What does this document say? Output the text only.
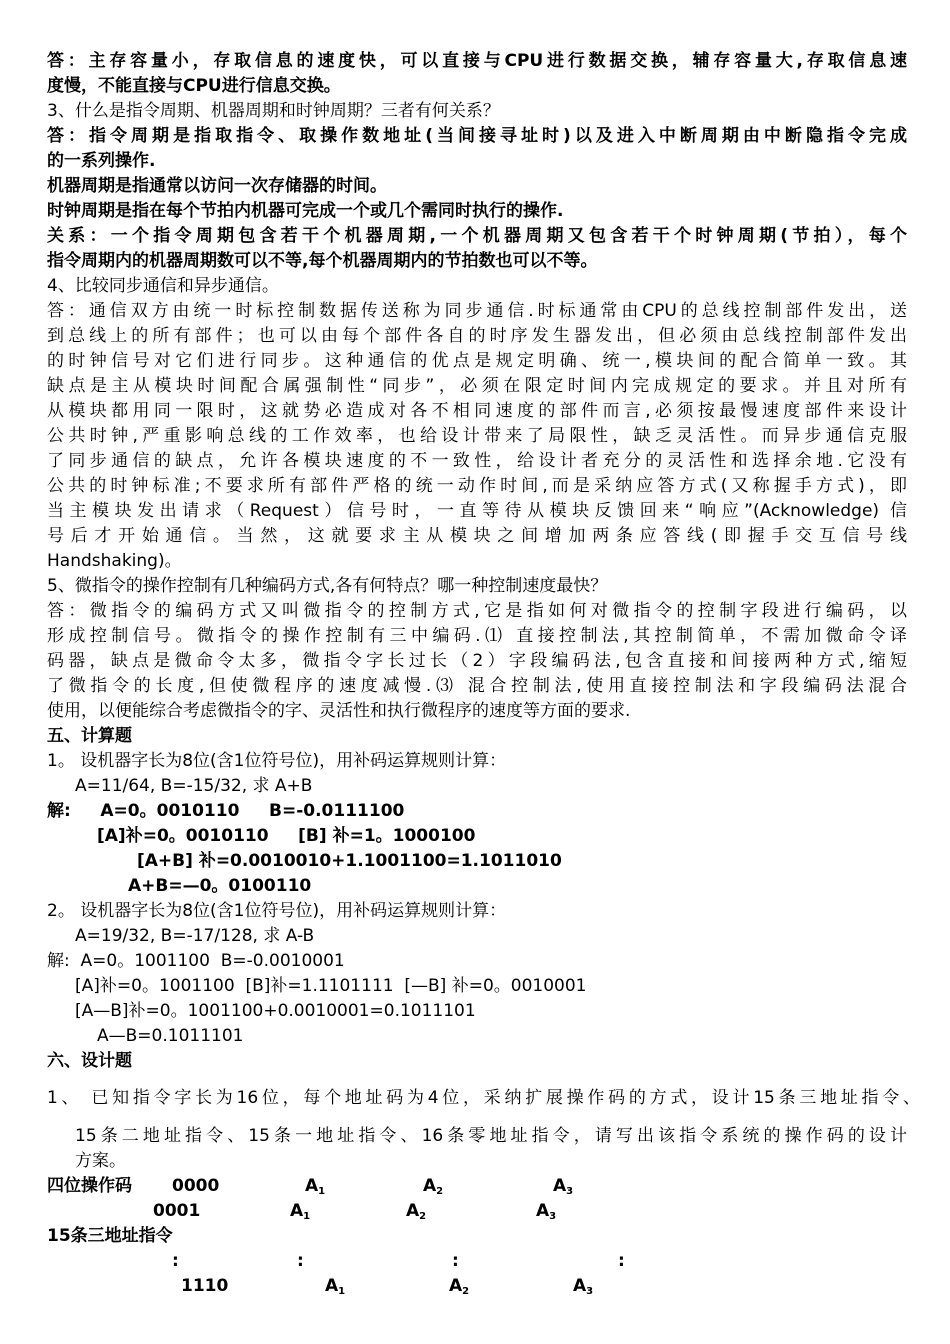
答：主存容量小，存取信息的速度快，可以直接与CPU进行数据交换，辅存容量大,存取信息速
度慢，不能直接与CPU进行信息交换。
3、什么是指令周期、机器周期和时钟周期？三者有何关系？
答：指令周期是指取指令、取操作数地址(当间接寻址时)以及进入中断周期由中断隐指令完成
的一系列操作.
机器周期是指通常以访问一次存储器的时间。
时钟周期是指在每个节拍内机器可完成一个或几个需同时执行的操作.
关系：一个指令周期包含若干个机器周期,一个机器周期又包含若干个时钟周期(节拍），每个
指令周期内的机器周期数可以不等,每个机器周期内的节拍数也可以不等。
4、比较同步通信和异步通信。
答：通信双方由统一时标控制数据传送称为同步通信.时标通常由CPU的总线控制部件发出，送
到总线上的所有部件；也可以由每个部件各自的时序发生器发出，但必须由总线控制部件发出
的时钟信号对它们进行同步。这种通信的优点是规定明确、统一,模块间的配合简单一致。其
缺点是主从模块时间配合属强制性“同步”，必须在限定时间内完成规定的要求。并且对所有
从模块都用同一限时，这就势必造成对各不相同速度的部件而言,必须按最慢速度部件来设计
公共时钟,严重影响总线的工作效率，也给设计带来了局限性，缺乏灵活性。而异步通信克服
了同步通信的缺点，允许各模块速度的不一致性，给设计者充分的灵活性和选择余地.它没有
公共的时钟标准;不要求所有部件严格的统一动作时间,而是采纳应答方式(又称握手方式)，即
当主模块发出请求（Request）信号时，一直等待从模块反馈回来“响应”(Acknowledge) 信
号后才开始通信。当然，这就要求主从模块之间增加两条应答线(即握手交互信号线
Handshaking)。
5、微指令的操作控制有几种编码方式,各有何特点？哪一种控制速度最快？
答：微指令的编码方式又叫微指令的控制方式,它是指如何对微指令的控制字段进行编码，以
形成控制信号。微指令的操作控制有三中编码.⑴ 直接控制法,其控制简单，不需加微命令译
码器，缺点是微命令太多，微指令字长过长（2）字段编码法,包含直接和间接两种方式,缩短
了微指令的长度,但使微程序的速度减慢.⑶ 混合控制法,使用直接控制法和字段编码法混合
使用，以便能综合考虑微指令的字、灵活性和执行微程序的速度等方面的要求.
五、计算题
1。 设机器字长为8位(含1位符号位)，用补码运算规则计算：
A=11/64, B=-15/32, 求 A+B
解:     A=0。0010110     B=-0.0111100
[A]补=0。0010110     [B] 补=1。1000100
[A+B] 补=0.0010010+1.1001100=1.1011010
A+B=—0。0100110
2。 设机器字长为8位(含1位符号位)，用补码运算规则计算：
A=19/32, B=-17/128, 求 A-B
解:  A=0。1001100  B=-0.0010001
[A]补=0。1001100  [B]补=1.1101111  [—B] 补=0。0010001
[A—B]补=0。1001100+0.0010001=0.1011101
A—B=0.1011101
六、设计题
1、 已知指令字长为16位，每个地址码为4位，采纳扩展操作码的方式，设计15条三地址指令、
15条二地址指令、15条一地址指令、16条零地址指令，请写出该指令系统的操作码的设计
方案。
四位操作码 0000	$A_1$	$A_2$	$A_3$
0001	$A_1$	$A_2$	$A_3$
15条三地址指令
:	:	:	:
1110	$A_1$	$A_2$	$A_3$
